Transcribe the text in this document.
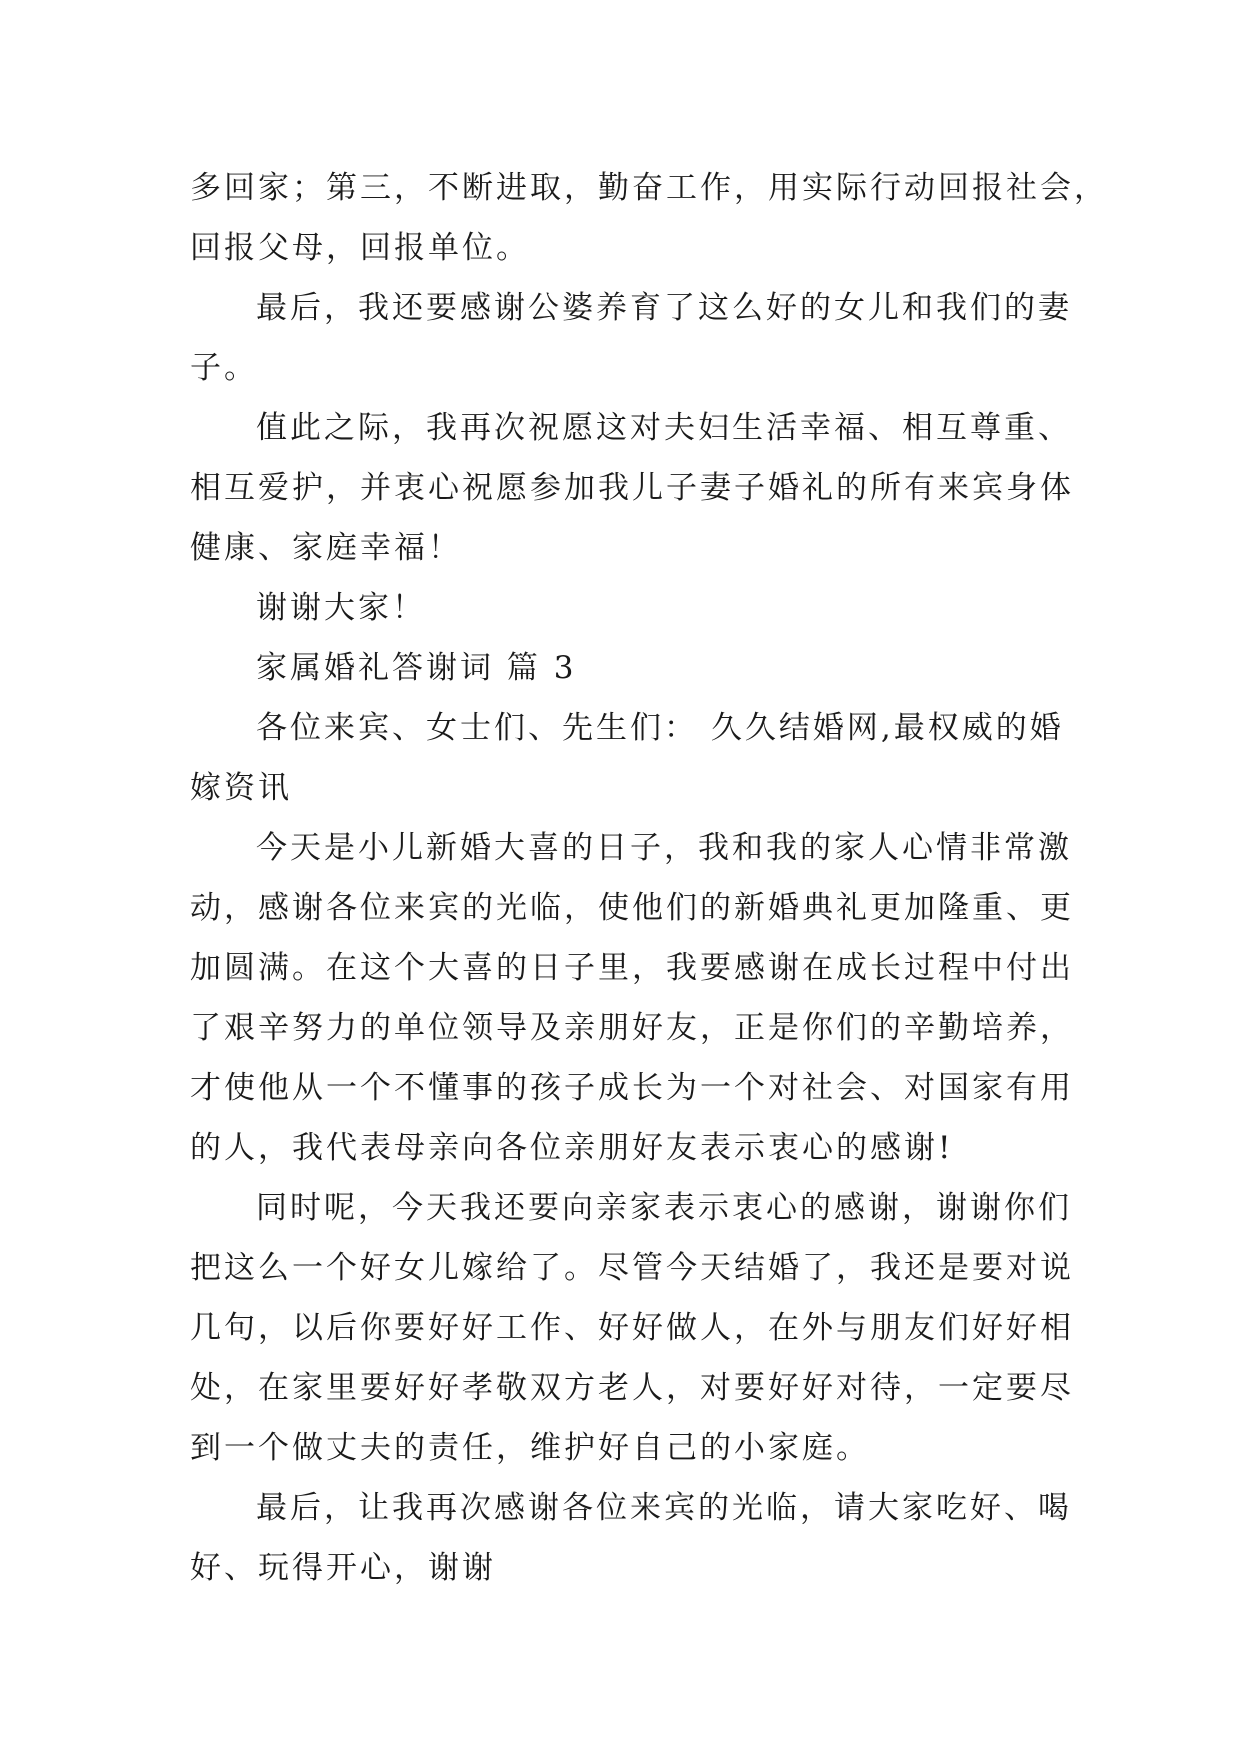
多回家；第三，不断进取，勤奋工作，用实际行动回报社会，
回报父母，回报单位。
最后，我还要感谢公婆养育了这么好的女儿和我们的妻
子。
值此之际，我再次祝愿这对夫妇生活幸福、相互尊重、
相互爱护，并衷心祝愿参加我儿子妻子婚礼的所有来宾身体
健康、家庭幸福！
谢谢大家！
家属婚礼答谢词 篇 3
各位来宾、女士们、先生们： 久久结婚网,最权威的婚
嫁资讯
今天是小儿新婚大喜的日子，我和我的家人心情非常激
动，感谢各位来宾的光临，使他们的新婚典礼更加隆重、更
加圆满。在这个大喜的日子里，我要感谢在成长过程中付出
了艰辛努力的单位领导及亲朋好友，正是你们的辛勤培养，
才使他从一个不懂事的孩子成长为一个对社会、对国家有用
的人，我代表母亲向各位亲朋好友表示衷心的感谢!
同时呢，今天我还要向亲家表示衷心的感谢，谢谢你们
把这么一个好女儿嫁给了。尽管今天结婚了，我还是要对说
几句，以后你要好好工作、好好做人，在外与朋友们好好相
处，在家里要好好孝敬双方老人，对要好好对待，一定要尽
到一个做丈夫的责任，维护好自己的小家庭。
最后，让我再次感谢各位来宾的光临，请大家吃好、喝
好、玩得开心，谢谢
